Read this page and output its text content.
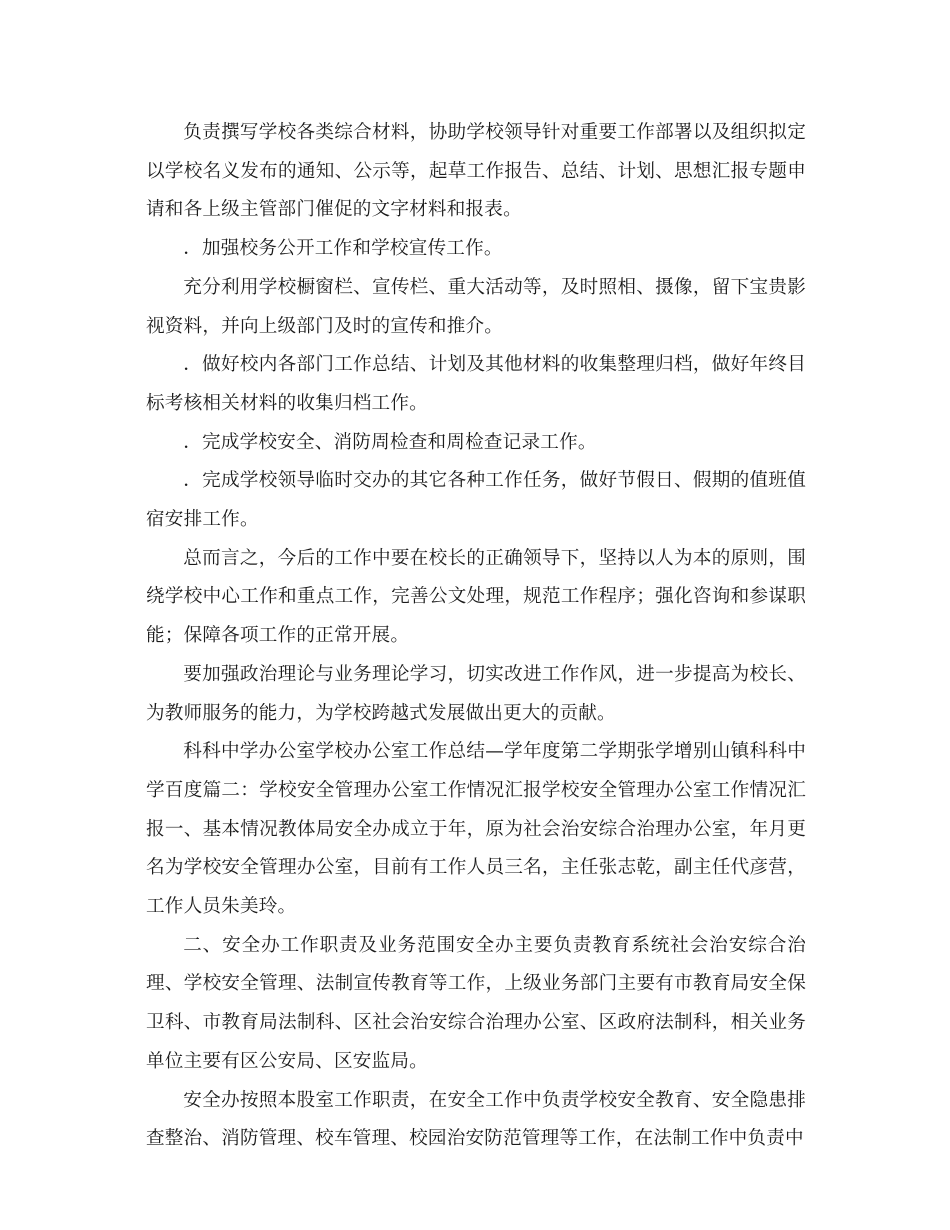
负责撰写学校各类综合材料，协助学校领导针对重要工作部署以及组织拟定以学校名义发布的通知、公示等，起草工作报告、总结、计划、思想汇报专题申请和各上级主管部门催促的文字材料和报表。

．加强校务公开工作和学校宣传工作。

充分利用学校橱窗栏、宣传栏、重大活动等，及时照相、摄像，留下宝贵影视资料，并向上级部门及时的宣传和推介。

．做好校内各部门工作总结、计划及其他材料的收集整理归档，做好年终目标考核相关材料的收集归档工作。

．完成学校安全、消防周检查和周检查记录工作。

．完成学校领导临时交办的其它各种工作任务，做好节假日、假期的值班值宿安排工作。

总而言之，今后的工作中要在校长的正确领导下，坚持以人为本的原则，围绕学校中心工作和重点工作，完善公文处理，规范工作程序；强化咨询和参谋职能；保障各项工作的正常开展。

要加强政治理论与业务理论学习，切实改进工作作风，进一步提高为校长、为教师服务的能力，为学校跨越式发展做出更大的贡献。

科科中学办公室学校办公室工作总结—学年度第二学期张学增别山镇科科中学百度篇二：学校安全管理办公室工作情况汇报学校安全管理办公室工作情况汇报一、基本情况教体局安全办成立于年，原为社会治安综合治理办公室，年月更名为学校安全管理办公室，目前有工作人员三名，主任张志乾，副主任代彦营，工作人员朱美玲。

二、安全办工作职责及业务范围安全办主要负责教育系统社会治安综合治理、学校安全管理、法制宣传教育等工作，上级业务部门主要有市教育局安全保卫科、市教育局法制科、区社会治安综合治理办公室、区政府法制科，相关业务单位主要有区公安局、区安监局。

安全办按照本股室工作职责，在安全工作中负责学校安全教育、安全隐患排查整治、消防管理、校车管理、校园治安防范管理等工作，在法制工作中负责中
